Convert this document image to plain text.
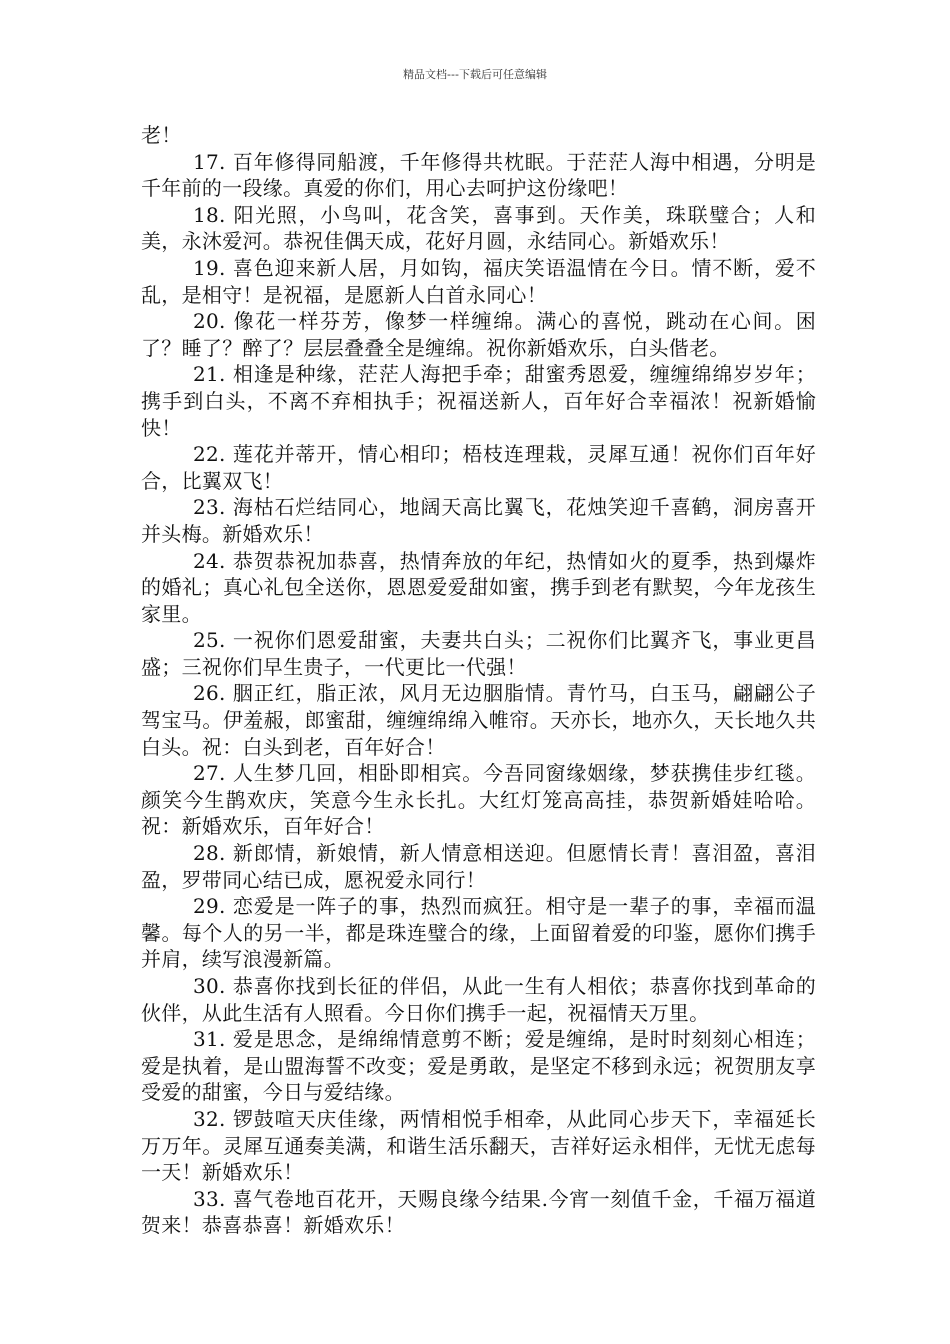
精品文档---下载后可任意编辑

老！

17. 百年修得同船渡，千年修得共枕眠。于茫茫人海中相遇，分明是千年前的一段缘。真爱的你们，用心去呵护这份缘吧！

18. 阳光照，小鸟叫，花含笑，喜事到。天作美，珠联璧合；人和美，永沐爱河。恭祝佳偶天成，花好月圆，永结同心。新婚欢乐！

19. 喜色迎来新人居，月如钩，福庆笑语温情在今日。情不断，爱不乱，是相守！是祝福，是愿新人白首永同心！

20. 像花一样芬芳，像梦一样缠绵。满心的喜悦，跳动在心间。困了？睡了？醉了？层层叠叠全是缠绵。祝你新婚欢乐，白头偕老。

21. 相逢是种缘，茫茫人海把手牵；甜蜜秀恩爱，缠缠绵绵岁岁年；携手到白头，不离不弃相执手；祝福送新人，百年好合幸福浓！祝新婚愉快！

22. 莲花并蒂开，情心相印；梧枝连理栽，灵犀互通！祝你们百年好合，比翼双飞！

23. 海枯石烂结同心，地阔天高比翼飞，花烛笑迎千喜鹤，洞房喜开并头梅。新婚欢乐！

24. 恭贺恭祝加恭喜，热情奔放的年纪，热情如火的夏季，热到爆炸的婚礼；真心礼包全送你，恩恩爱爱甜如蜜，携手到老有默契，今年龙孩生家里。

25. 一祝你们恩爱甜蜜，夫妻共白头；二祝你们比翼齐飞，事业更昌盛；三祝你们早生贵子，一代更比一代强！

26. 胭正红，脂正浓，风月无边胭脂情。青竹马，白玉马，翩翩公子驾宝马。伊羞赧，郎蜜甜，缠缠绵绵入帷帘。天亦长，地亦久，天长地久共白头。祝：白头到老，百年好合！

27. 人生梦几回，相卧即相宾。今吾同窗缘姻缘，梦获携佳步红毯。颜笑今生鹊欢庆，笑意今生永长扎。大红灯笼高高挂，恭贺新婚娃哈哈。祝：新婚欢乐，百年好合！

28. 新郎情，新娘情，新人情意相送迎。但愿情长青！喜泪盈，喜泪盈，罗带同心结已成，愿祝爱永同行！

29. 恋爱是一阵子的事，热烈而疯狂。相守是一辈子的事，幸福而温馨。每个人的另一半，都是珠连璧合的缘，上面留着爱的印鉴，愿你们携手并肩，续写浪漫新篇。

30. 恭喜你找到长征的伴侣，从此一生有人相依；恭喜你找到革命的伙伴，从此生活有人照看。今日你们携手一起，祝福情天万里。

31. 爱是思念，是绵绵情意剪不断；爱是缠绵，是时时刻刻心相连；爱是执着，是山盟海誓不改变；爱是勇敢，是坚定不移到永远；祝贺朋友享受爱的甜蜜，今日与爱结缘。

32. 锣鼓喧天庆佳缘，两情相悦手相牵，从此同心步天下，幸福延长万万年。灵犀互通奏美满，和谐生活乐翻天，吉祥好运永相伴，无忧无虑每一天！新婚欢乐！

33. 喜气卷地百花开，天赐良缘今结果.今宵一刻值千金，千福万福道贺来！恭喜恭喜！新婚欢乐！
